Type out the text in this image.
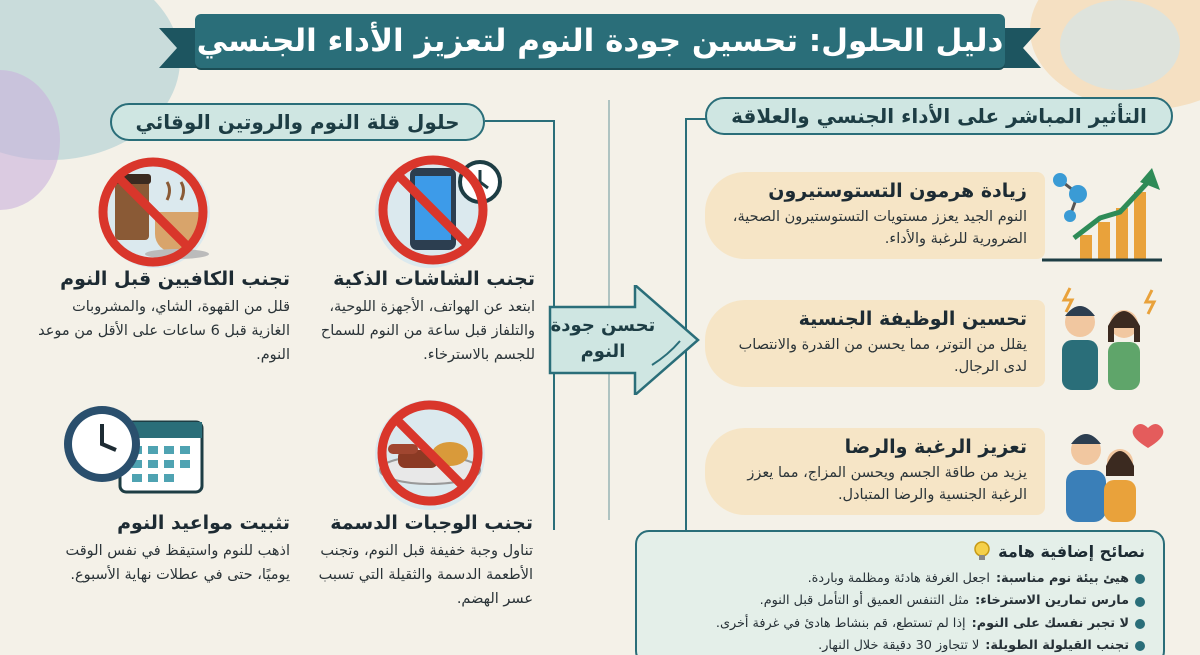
دليل الحلول: تحسين جودة النوم لتعزيز الأداء الجنسي
التأثير المباشر على الأداء الجنسي والعلاقة
حلول قلة النوم والروتين الوقائي
تحسن جودة النوم
تجنب الشاشات الذكية

ابتعد عن الهواتف، الأجهزة اللوحية، والتلفاز قبل ساعة من النوم للسماح للجسم بالاسترخاء.

تجنب الكافيين قبل النوم

قلل من القهوة، الشاي، والمشروبات الغازية قبل 6 ساعات على الأقل من موعد النوم.

تجنب الوجبات الدسمة

تناول وجبة خفيفة قبل النوم، وتجنب الأطعمة الدسمة والثقيلة التي تسبب عسر الهضم.

تثبيت مواعيد النوم

اذهب للنوم واستيقظ في نفس الوقت يوميًا، حتى في عطلات نهاية الأسبوع.

زيادة هرمون التستوستيرون

النوم الجيد يعزز مستويات التستوستيرون الصحية، الضرورية للرغبة والأداء.

تحسين الوظيفة الجنسية

يقلل من التوتر، مما يحسن من القدرة والانتصاب لدى الرجال.

تعزيز الرغبة والرضا

يزيد من طاقة الجسم ويحسن المزاج، مما يعزز الرغبة الجنسية والرضا المتبادل.

نصائح إضافية هامة
هيئ بيئة نوم مناسبة:
اجعل الغرفة هادئة ومظلمة وباردة.
مارس تمارين الاسترخاء:
مثل التنفس العميق أو التأمل قبل النوم.
لا تجبر نفسك على النوم:
إذا لم تستطع، قم بنشاط هادئ في غرفة أخرى.
تجنب القيلولة الطويلة:
لا تتجاوز 30 دقيقة خلال النهار.
